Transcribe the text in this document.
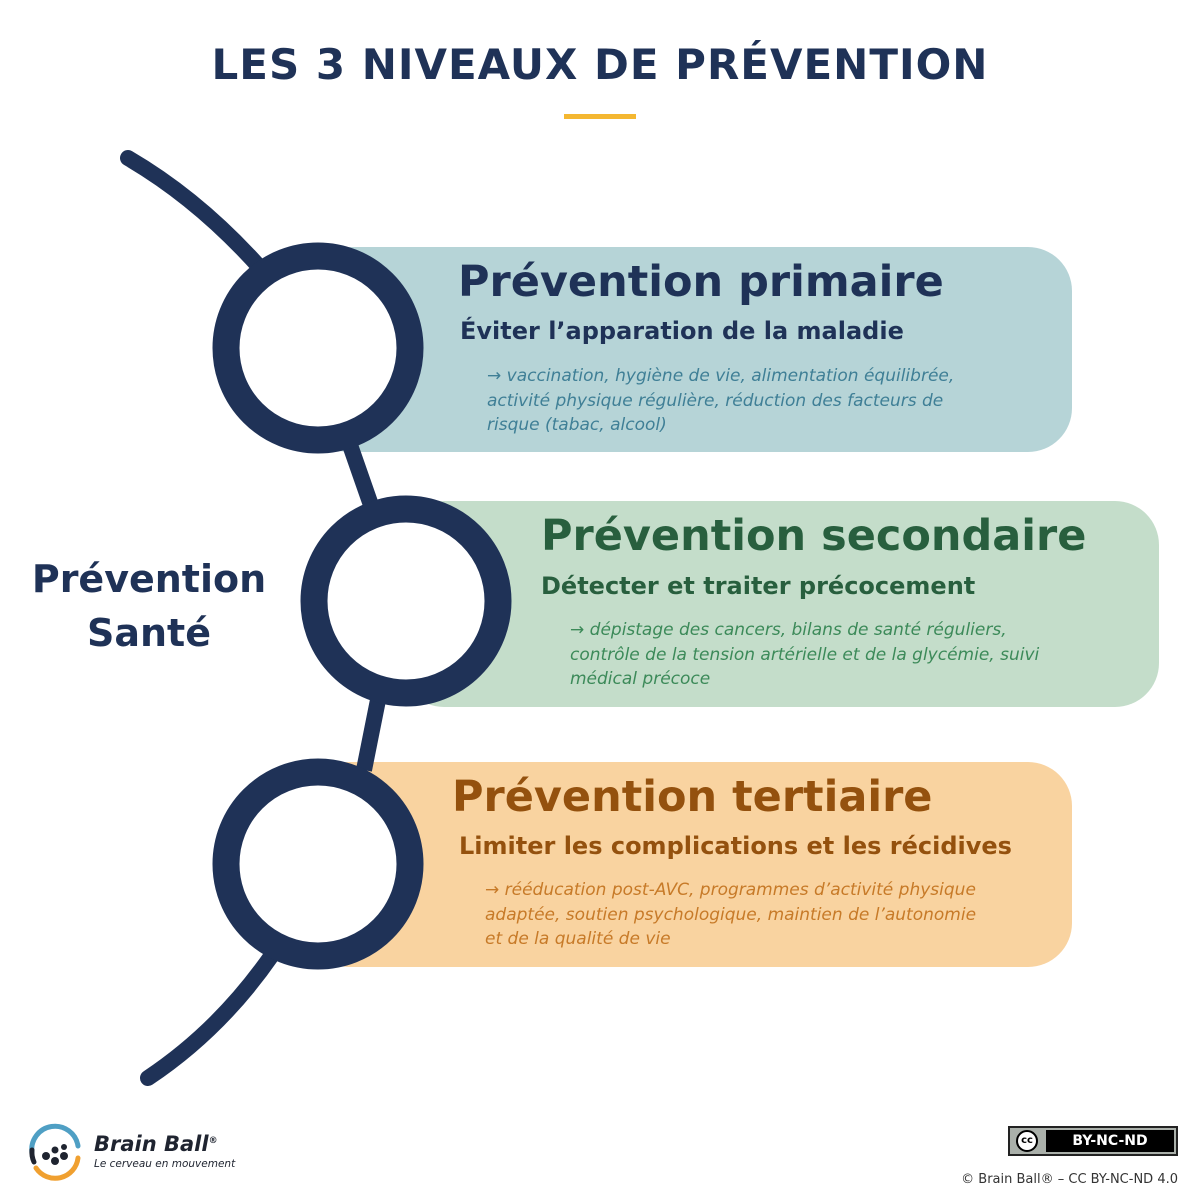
LES 3 NIVEAUX DE PRÉVENTION
Prévention primaire

Éviter l’apparation de la maladie

→ vaccination, hygiène de vie, alimentation équilibrée, activité physique régulière, réduction des facteurs de risque (tabac, alcool)

Prévention secondaire

Détecter et traiter précocement

→ dépistage des cancers, bilans de santé réguliers, contrôle de la tension artérielle et de la glycémie, suivi médical précoce

Prévention tertiaire

Limiter les complications et les récidives

→ rééducation post-AVC, programmes d’activité physique adaptée, soutien psychologique, maintien de l’autonomie et de la qualité de vie

Prévention
Santé
Brain Ball®
Le cerveau en mouvement
cc	BY-NC-ND
© Brain Ball® – CC BY-NC-ND 4.0
